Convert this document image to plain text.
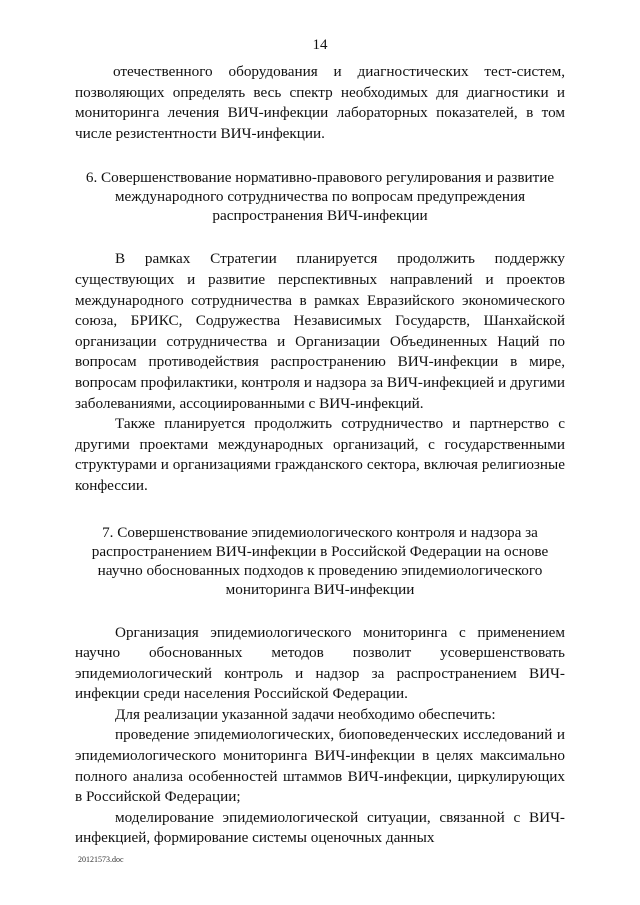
14

отечественного оборудования и диагностических тест-систем, позволяющих определять весь спектр необходимых для диагностики и мониторинга лечения ВИЧ-инфекции лабораторных показателей, в том числе резистентности ВИЧ-инфекции.

6. Совершенствование нормативно-правового регулирования и развитие международного сотрудничества по вопросам предупреждения распространения ВИЧ-инфекции

В рамках Стратегии планируется продолжить поддержку существующих и развитие перспективных направлений и проектов международного сотрудничества в рамках Евразийского экономического союза, БРИКС, Содружества Независимых Государств, Шанхайской организации сотрудничества и Организации Объединенных Наций по вопросам противодействия распространению ВИЧ-инфекции в мире, вопросам профилактики, контроля и надзора за ВИЧ-инфекцией и другими заболеваниями, ассоциированными с ВИЧ-инфекций.

Также планируется продолжить сотрудничество и партнерство с другими проектами международных организаций, с государственными структурами и организациями гражданского сектора, включая религиозные конфессии.

7. Совершенствование эпидемиологического контроля и надзора за распространением ВИЧ-инфекции в Российской Федерации на основе научно обоснованных подходов к проведению эпидемиологического мониторинга ВИЧ-инфекции

Организация эпидемиологического мониторинга с применением научно обоснованных методов позволит усовершенствовать эпидемиологический контроль и надзор за распространением ВИЧ-инфекции среди населения Российской Федерации.

Для реализации указанной задачи необходимо обеспечить:

проведение эпидемиологических, биоповеденческих исследований и эпидемиологического мониторинга ВИЧ-инфекции в целях максимально полного анализа особенностей штаммов ВИЧ-инфекции, циркулирующих в Российской Федерации;

моделирование эпидемиологической ситуации, связанной с ВИЧ-инфекцией, формирование системы оценочных данных

20121573.doc
